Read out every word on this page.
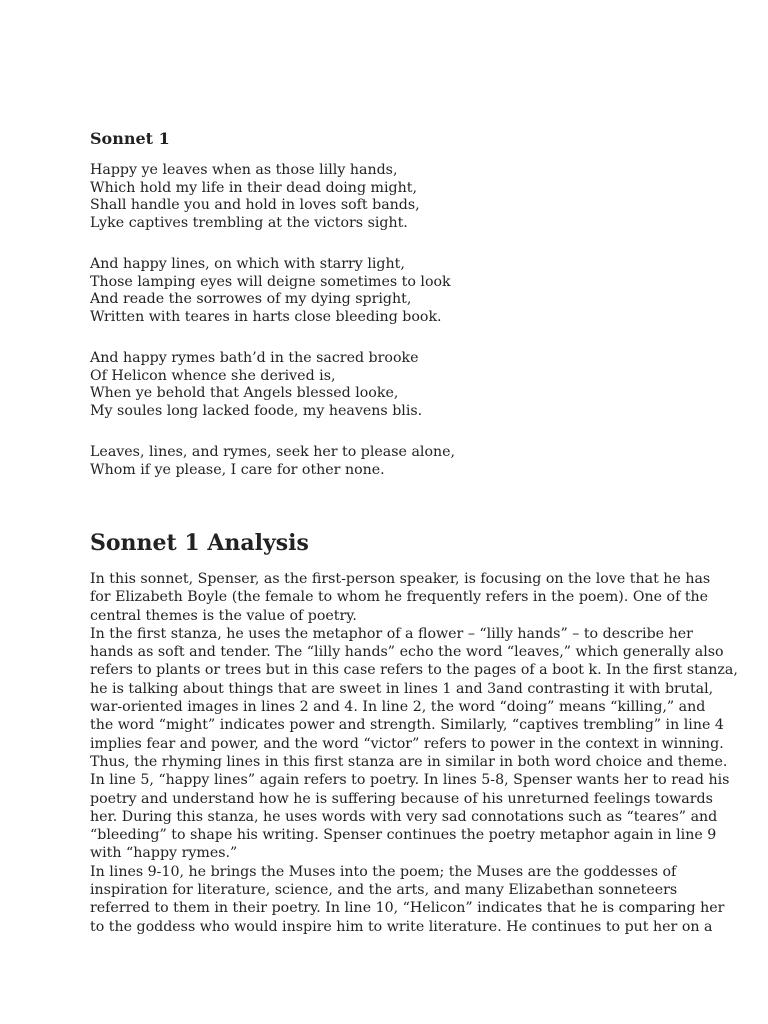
Sonnet 1
Happy ye leaves when as those lilly hands,
Which hold my life in their dead doing might,
Shall handle you and hold in loves soft bands,
Lyke captives trembling at the victors sight.
And happy lines, on which with starry light,
Those lamping eyes will deigne sometimes to look
And reade the sorrowes of my dying spright,
Written with teares in harts close bleeding book.
And happy rymes bath’d in the sacred brooke
Of Helicon whence she derived is,
When ye behold that Angels blessed looke,
My soules long lacked foode, my heavens blis.
Leaves, lines, and rymes, seek her to please alone,
Whom if ye please, I care for other none.
Sonnet 1 Analysis
In this sonnet, Spenser, as the first-person speaker, is focusing on the love that he has
for Elizabeth Boyle (the female to whom he frequently refers in the poem). One of the
central themes is the value of poetry.
In the first stanza, he uses the metaphor of a flower – “lilly hands” – to describe her
hands as soft and tender. The “lilly hands” echo the word “leaves,” which generally also
refers to plants or trees but in this case refers to the pages of a boot k. In the first stanza,
he is talking about things that are sweet in lines 1 and 3and contrasting it with brutal,
war-oriented images in lines 2 and 4. In line 2, the word “doing” means “killing,” and
the word “might” indicates power and strength. Similarly, “captives trembling” in line 4
implies fear and power, and the word “victor” refers to power in the context in winning.
Thus, the rhyming lines in this first stanza are in similar in both word choice and theme.
In line 5, “happy lines” again refers to poetry. In lines 5-8, Spenser wants her to read his
poetry and understand how he is suffering because of his unreturned feelings towards
her. During this stanza, he uses words with very sad connotations such as “teares” and
“bleeding” to shape his writing. Spenser continues the poetry metaphor again in line 9
with “happy rymes.”
In lines 9-10, he brings the Muses into the poem; the Muses are the goddesses of
inspiration for literature, science, and the arts, and many Elizabethan sonneteers
referred to them in their poetry. In line 10, “Helicon” indicates that he is comparing her
to the goddess who would inspire him to write literature. He continues to put her on a
